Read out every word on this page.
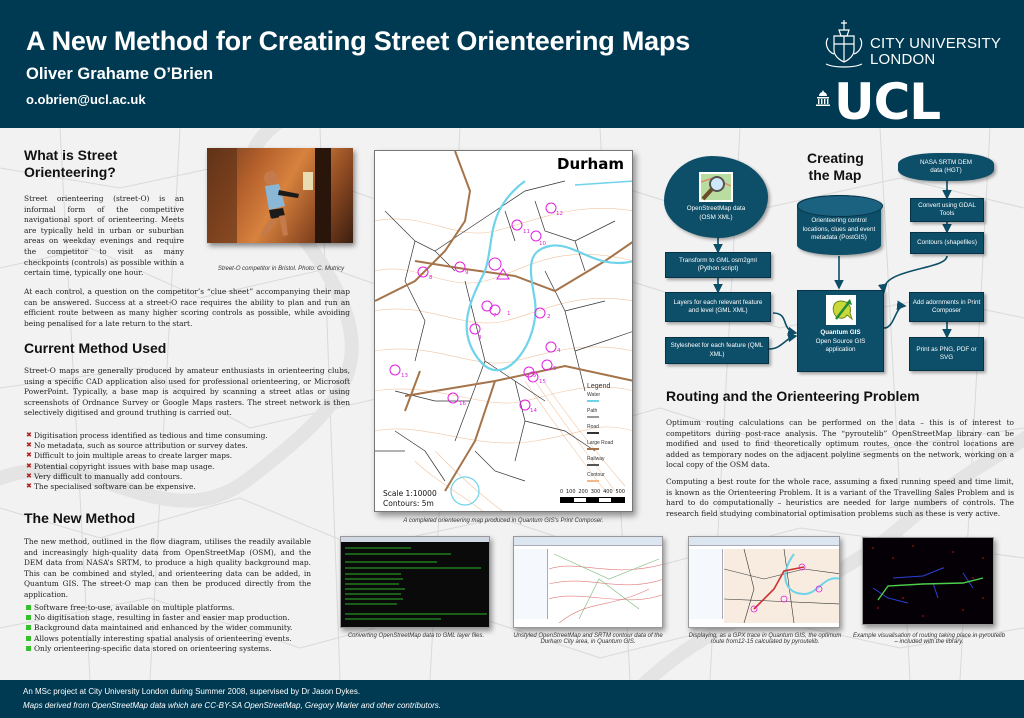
A New Method for Creating Street Orienteering Maps
Oliver Grahame O’Brien
o.obrien@ucl.ac.uk
CITY UNIVERSITY
LONDON
UCL
What is Street
Orienteering?

Street orienteering (street-O) is an informal form of the competitive navigational sport of orienteering. Meets are typically held in urban or suburban areas on weekday evenings and require the competitor to visit as many checkpoints (controls) as possible within a certain time, typically one hour.	Street-O competitor in Bristol. Photo: C. Mutricy

At each control, a question on the competitor’s “clue sheet” accompanying their map can be answered. Success at a street-O race requires the ability to plan and run an efficient route between as many higher scoring controls as possible, while avoiding being penalised for a late return to the start.

Current Method Used

Street-O maps are generally produced by amateur enthusiasts in orienteering clubs, using a specific CAD application also used for professional orienteering, or Microsoft PowerPoint. Typically, a base map is acquired by scanning a street atlas or using screenshots of Ordnance Survey or Google Maps rasters. The street network is then selectively digitised and ground truthing is carried out.

✖ Digitisation process identified as tedious and time consuming.
✖ No metadata, such as source attribution or survey dates.
✖ Difficult to join multiple areas to create larger maps.
✖ Potential copyright issues with base map usage.
✖ Very difficult to manually add contours.
✖ The specialised software can be expensive.
The New Method

The new method, outlined in the flow diagram, utilises the readily available and increasingly high-quality data from OpenStreetMap (OSM), and the DEM data from NASA’s SRTM, to produce a high quality background map. This can be combined and styled, and orienteering data can be added, in Quantum GIS. The street-O map can then be produced directly from the application.

Software free-to-use, available on multiple platforms.
No digitisation stage, resulting in faster and easier map production.
Background data maintained and enhanced by the wider community.
Allows potentially interesting spatial analysis of orienteering events.
Only orienteering-specific data stored on orienteering systems.
1	2
3
4
5
6
7
8
9
10
11
12
13
14
15
16
Durham
Legend
Water
Path
Road
Large Road
Railway
Contour
Scale 1:10000
Contours: 5m
0 100 200 300 400 500
A completed orienteering map produced in Quantum GIS’s Print Composer.
Creating
the Map
OpenStreetMap data (OSM XML)
Transform to GML osm2gml (Python script)
Layers for each relevant feature and level (GML XML)
Stylesheet for each feature (QML XML)
Orienteering control locations, clues and event metadata (PostGIS)
Quantum GIS
Open Source GIS application
NASA SRTM DEM data (HGT)
Convert using GDAL Tools
Contours (shapefiles)
Add adornments in Print Composer
Print as PNG, PDF or SVG
Routing and the Orienteering Problem

Optimum routing calculations can be performed on the data – this is of interest to competitors during post-race analysis. The “pyroutelib” OpenStreetMap library can be modified and used to find theoretically optimum routes, once the control locations are added as temporary nodes on the adjacent polyline segments on the network, working on a local copy of the OSM data.

Computing a best route for the whole race, assuming a fixed running speed and time limit, is known as the Orienteering Problem. It is a variant of the Travelling Sales Problem and is hard to do computationally – heuristics are needed for large numbers of controls. The research field studying combinatorial optimisation problems such as these is very active.

Converting OpenStreetMap data to GML layer files.	Unstyled OpenStreetMap and SRTM contour data of the Durham City area, in Quantum GIS.
Displaying, as a GPX trace in Quantum GIS, the optimum route from12-15 calculated by pyroutelib.
Example visualisation of routing taking place in pyroutelib – included with the library.
An MSc project at City University London during Summer 2008, supervised by Dr Jason Dykes.
Maps derived from OpenStreetMap data which are CC-BY-SA OpenStreetMap, Gregory Marler and other contributors.
